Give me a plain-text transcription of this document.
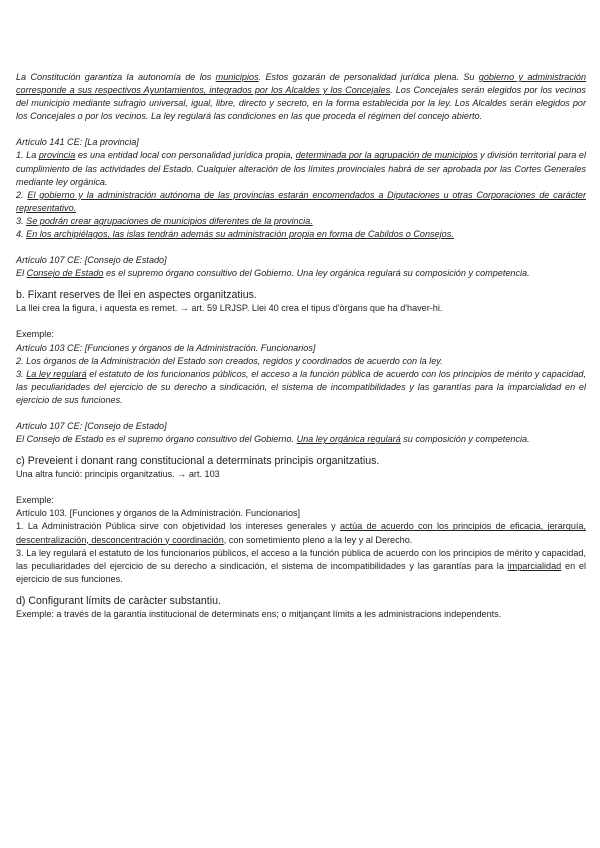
La Constitución garantiza la autonomía de los municipios. Estos gozarán de personalidad jurídica plena. Su gobierno y administración corresponde a sus respectivos Ayuntamientos, integrados por los Alcaldes y los Concejales. Los Concejales serán elegidos por los vecinos del municipio mediante sufragio universal, igual, libre, directo y secreto, en la forma establecida por la ley. Los Alcaldes serán elegidos por los Concejales o por los vecinos. La ley regulará las condiciones en las que proceda el régimen del concejo abierto.

Artículo 141 CE: [La provincia]

1. La provincia es una entidad local con personalidad jurídica propia, determinada por la agrupación de municipios y división territorial para el cumplimiento de las actividades del Estado. Cualquier alteración de los límites provinciales habrá de ser aprobada por las Cortes Generales mediante ley orgánica.

2. El gobierno y la administración autónoma de las provincias estarán encomendados a Diputaciones u otras Corporaciones de carácter representativo.

3. Se podrán crear agrupaciones de municipios diferentes de la provincia.

4. En los archipiélagos, las islas tendrán además su administración propia en forma de Cabildos o Consejos.

Artículo 107 CE: [Consejo de Estado]

El Consejo de Estado es el supremo órgano consultivo del Gobierno. Una ley orgánica regulará su composición y competencia.

b. Fixant reserves de llei en aspectes organitzatius.

La llei crea la figura, i aquesta es remet. → art. 59 LRJSP. Llei 40 crea el tipus d'òrgans que ha d'haver-hi.

Exemple:

Artículo 103 CE: [Funciones y órganos de la Administración. Funcionarios]

2. Los órganos de la Administración del Estado son creados, regidos y coordinados de acuerdo con la ley.

3. La ley regulará el estatuto de los funcionarios públicos, el acceso a la función pública de acuerdo con los principios de mérito y capacidad, las peculiaridades del ejercicio de su derecho a sindicación, el sistema de incompatibilidades y las garantías para la imparcialidad en el ejercicio de sus funciones.

Artículo 107 CE: [Consejo de Estado]

El Consejo de Estado es el supremo órgano consultivo del Gobierno. Una ley orgánica regulará su composición y competencia.

c) Preveient i donant rang constitucional a determinats principis organitzatius.

Una altra funció: principis organitzatius. → art. 103

Exemple:

Artículo 103. [Funciones y órganos de la Administración. Funcionarios]

1. La Administración Pública sirve con objetividad los intereses generales y actúa de acuerdo con los principios de eficacia, jerarquía, descentralización, desconcentración y coordinación, con sometimiento pleno a la ley y al Derecho.

3. La ley regulará el estatuto de los funcionarios públicos, el acceso a la función pública de acuerdo con los principios de mérito y capacidad, las peculiaridades del ejercicio de su derecho a sindicación, el sistema de incompatibilidades y las garantías para la imparcialidad en el ejercicio de sus funciones.

d) Configurant límits de caràcter substantiu.

Exemple: a través de la garantia institucional de determinats ens; o mitjançant límits a les administracions independents.
